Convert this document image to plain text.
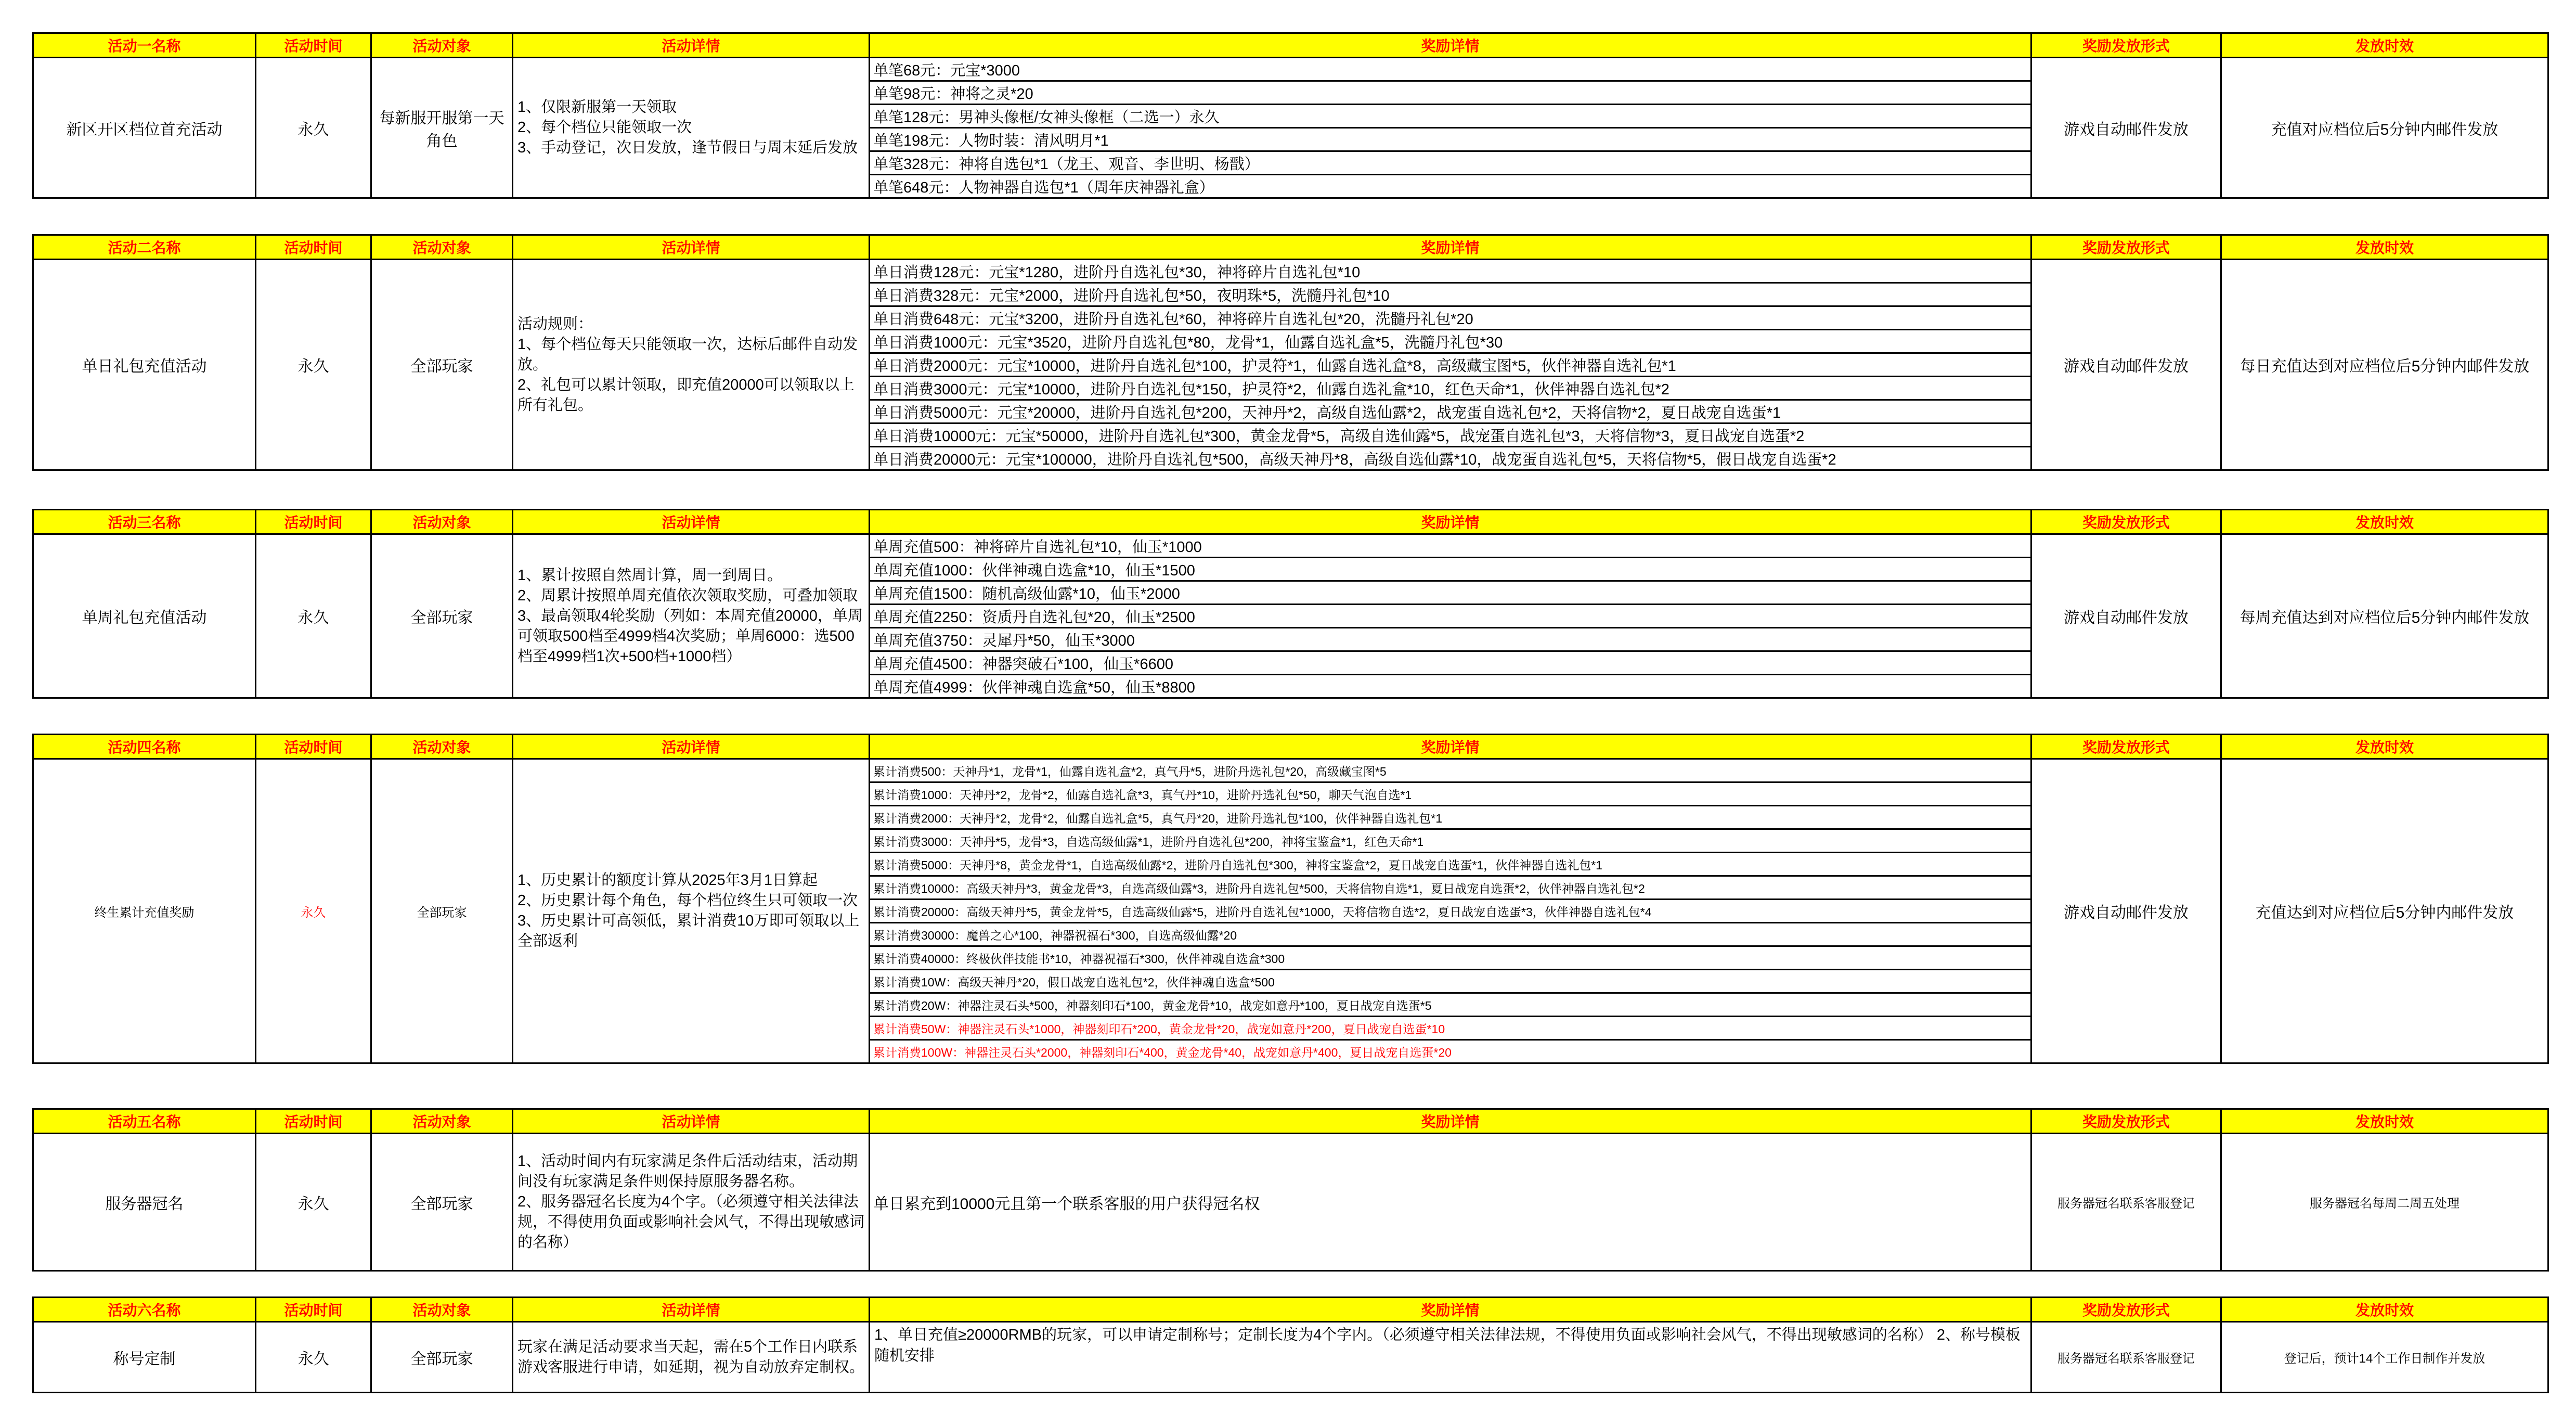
活动一名称	活动时间	活动对象	活动详情	奖励详情	奖励发放形式	发放时效
新区开区档位首充活动	永久	每新服开服第一天角色	1、仅限新服第一天领取
2、每个档位只能领取一次
3、手动登记，次日发放，逢节假日与周末延后发放	单笔68元：元宝*3000	游戏自动邮件发放	充值对应档位后5分钟内邮件发放
				单笔98元：神将之灵*20		
				单笔128元：男神头像框/女神头像框（二选一）永久		
				单笔198元：人物时装：清风明月*1		
				单笔328元：神将自选包*1（龙王、观音、李世明、杨戬）		
				单笔648元：人物神器自选包*1（周年庆神器礼盒）		
活动二名称	活动时间	活动对象	活动详情	奖励详情	奖励发放形式	发放时效
单日礼包充值活动	永久	全部玩家	活动规则：
1、每个档位每天只能领取一次，达标后邮件自动发放。
2、礼包可以累计领取，即充值20000可以领取以上所有礼包。	单日消费128元：元宝*1280，进阶丹自选礼包*30，神将碎片自选礼包*10	游戏自动邮件发放	每日充值达到对应档位后5分钟内邮件发放
				单日消费328元：元宝*2000，进阶丹自选礼包*50，夜明珠*5，洗髓丹礼包*10		
				单日消费648元：元宝*3200，进阶丹自选礼包*60，神将碎片自选礼包*20，洗髓丹礼包*20		
				单日消费1000元：元宝*3520，进阶丹自选礼包*80，龙骨*1，仙露自选礼盒*5，洗髓丹礼包*30		
				单日消费2000元：元宝*10000，进阶丹自选礼包*100，护灵符*1，仙露自选礼盒*8，高级藏宝图*5，伙伴神器自选礼包*1		
				单日消费3000元：元宝*10000，进阶丹自选礼包*150，护灵符*2，仙露自选礼盒*10，红色天命*1，伙伴神器自选礼包*2		
				单日消费5000元：元宝*20000，进阶丹自选礼包*200，天神丹*2，高级自选仙露*2，战宠蛋自选礼包*2，天将信物*2，夏日战宠自选蛋*1		
				单日消费10000元：元宝*50000，进阶丹自选礼包*300，黄金龙骨*5，高级自选仙露*5，战宠蛋自选礼包*3，天将信物*3，夏日战宠自选蛋*2		
				单日消费20000元：元宝*100000，进阶丹自选礼包*500，高级天神丹*8，高级自选仙露*10，战宠蛋自选礼包*5，天将信物*5，假日战宠自选蛋*2		
活动三名称	活动时间	活动对象	活动详情	奖励详情	奖励发放形式	发放时效
单周礼包充值活动	永久	全部玩家	1、累计按照自然周计算，周一到周日。
2、周累计按照单周充值依次领取奖励，可叠加领取
3、最高领取4轮奖励（列如：本周充值20000，单周可领取500档至4999档4次奖励；单周6000：选500档至4999档1次+500档+1000档）	单周充值500：神将碎片自选礼包*10，仙玉*1000	游戏自动邮件发放	每周充值达到对应档位后5分钟内邮件发放
				单周充值1000：伙伴神魂自选盒*10，仙玉*1500		
				单周充值1500：随机高级仙露*10，仙玉*2000		
				单周充值2250：资质丹自选礼包*20，仙玉*2500		
				单周充值3750：灵犀丹*50，仙玉*3000		
				单周充值4500：神器突破石*100，仙玉*6600		
				单周充值4999：伙伴神魂自选盒*50，仙玉*8800		
活动四名称	活动时间	活动对象	活动详情	奖励详情	奖励发放形式	发放时效
终生累计充值奖励	永久	全部玩家	1、历史累计的额度计算从2025年3月1日算起
2、历史累计每个角色，每个档位终生只可领取一次
3、历史累计可高领低，累计消费10万即可领取以上全部返利	累计消费500：天神丹*1，龙骨*1，仙露自选礼盒*2，真气丹*5，进阶丹选礼包*20，高级藏宝图*5	游戏自动邮件发放	充值达到对应档位后5分钟内邮件发放
				累计消费1000：天神丹*2，龙骨*2，仙露自选礼盒*3，真气丹*10，进阶丹选礼包*50，聊天气泡自选*1		
				累计消费2000：天神丹*2，龙骨*2，仙露自选礼盒*5，真气丹*20，进阶丹选礼包*100，伙伴神器自选礼包*1		
				累计消费3000：天神丹*5，龙骨*3，自选高级仙露*1，进阶丹自选礼包*200，神将宝鉴盒*1，红色天命*1		
				累计消费5000：天神丹*8，黄金龙骨*1，自选高级仙露*2，进阶丹自选礼包*300，神将宝鉴盒*2，夏日战宠自选蛋*1，伙伴神器自选礼包*1		
				累计消费10000：高级天神丹*3，黄金龙骨*3，自选高级仙露*3，进阶丹自选礼包*500，天将信物自选*1，夏日战宠自选蛋*2，伙伴神器自选礼包*2		
				累计消费20000：高级天神丹*5，黄金龙骨*5，自选高级仙露*5，进阶丹自选礼包*1000，天将信物自选*2，夏日战宠自选蛋*3，伙伴神器自选礼包*4		
				累计消费30000：魔兽之心*100，神器祝福石*300，自选高级仙露*20		
				累计消费40000：终极伙伴技能书*10，神器祝福石*300，伙伴神魂自选盒*300		
				累计消费10W：高级天神丹*20，假日战宠自选礼包*2，伙伴神魂自选盒*500		
				累计消费20W：神器注灵石头*500，神器刻印石*100，黄金龙骨*10，战宠如意丹*100，夏日战宠自选蛋*5		
				累计消费50W：神器注灵石头*1000，神器刻印石*200，黄金龙骨*20，战宠如意丹*200，夏日战宠自选蛋*10		
				累计消费100W：神器注灵石头*2000，神器刻印石*400，黄金龙骨*40，战宠如意丹*400，夏日战宠自选蛋*20		
活动五名称	活动时间	活动对象	活动详情	奖励详情	奖励发放形式	发放时效
服务器冠名	永久	全部玩家	1、活动时间内有玩家满足条件后活动结束，活动期间没有玩家满足条件则保持原服务器名称。
2、服务器冠名长度为4个字。（必须遵守相关法律法规，不得使用负面或影响社会风气，不得出现敏感词的名称）	单日累充到10000元且第一个联系客服的用户获得冠名权	服务器冠名联系客服登记	服务器冠名每周二周五处理
活动六名称	活动时间	活动对象	活动详情	奖励详情	奖励发放形式	发放时效
称号定制	永久	全部玩家	玩家在满足活动要求当天起，需在5个工作日内联系游戏客服进行申请，如延期，视为自动放弃定制权。	1、单日充值≥20000RMB的玩家，可以申请定制称号；定制长度为4个字内。（必须遵守相关法律法规，不得使用负面或影响社会风气，不得出现敏感词的名称） 2、称号模板随机安排	服务器冠名联系客服登记	登记后，预计14个工作日制作并发放
